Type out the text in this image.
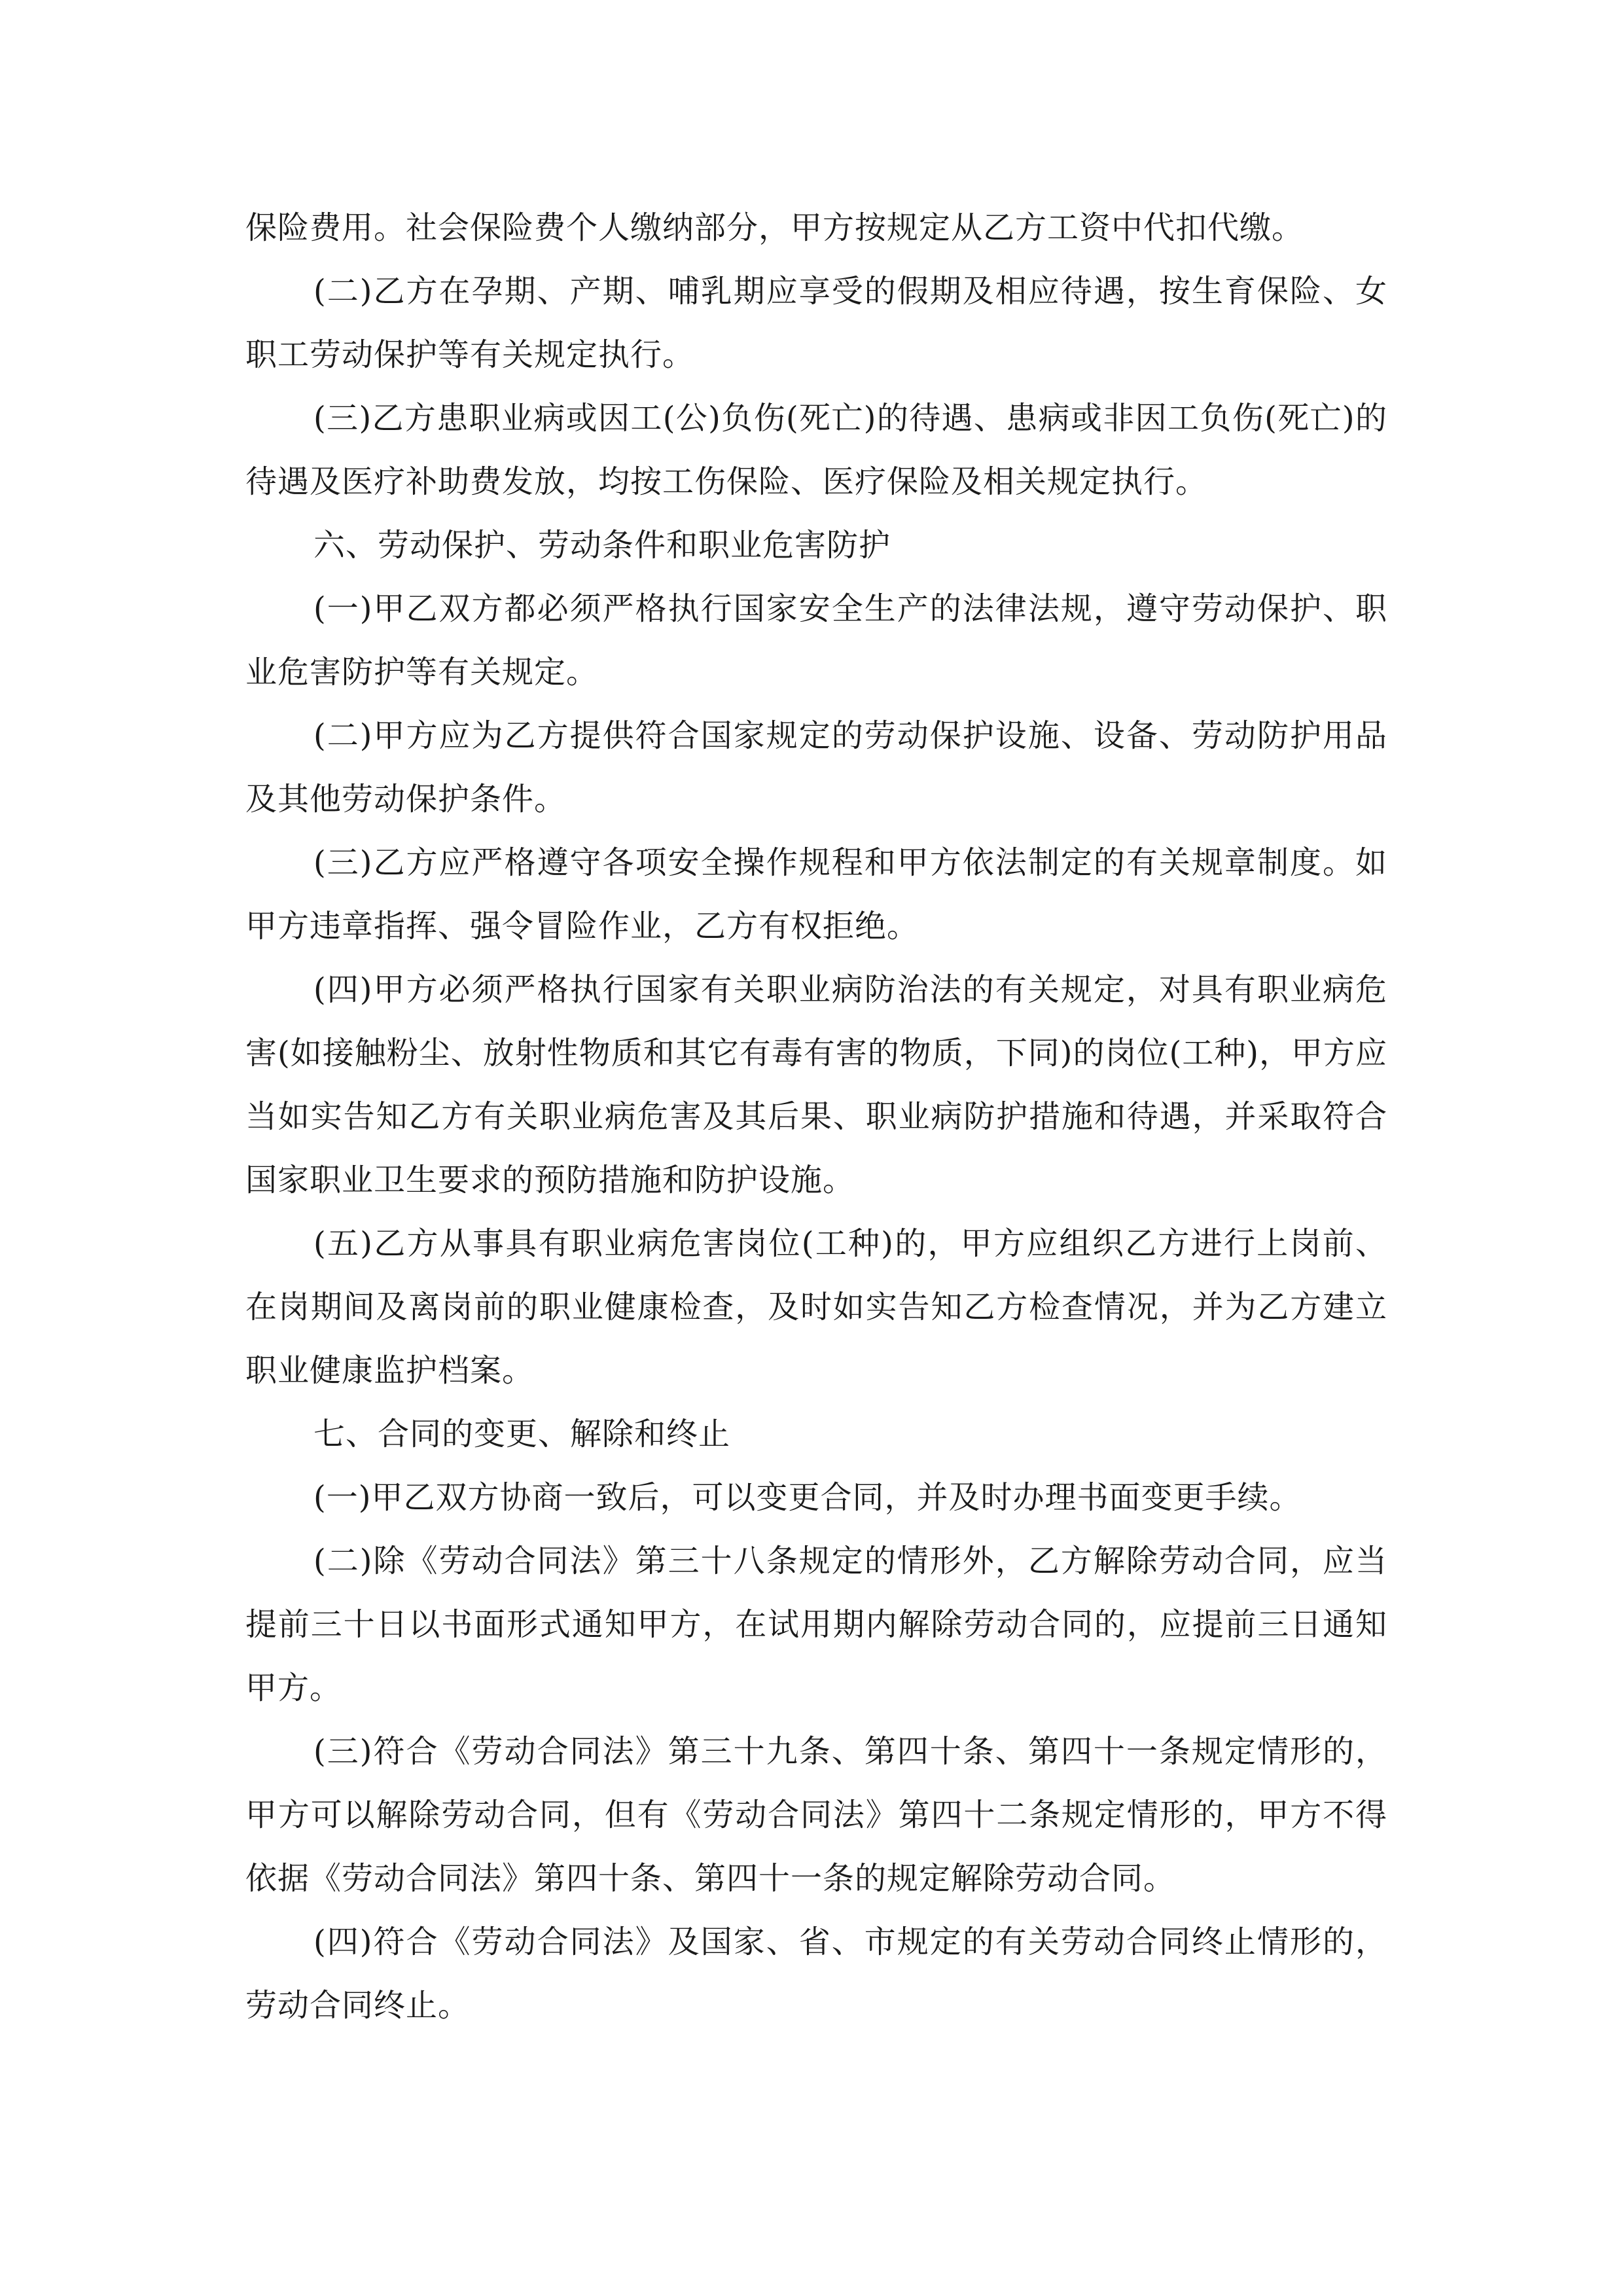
保险费用。社会保险费个人缴纳部分，甲方按规定从乙方工资中代扣代缴。

(二)乙方在孕期、产期、哺乳期应享受的假期及相应待遇，按生育保险、女职工劳动保护等有关规定执行。

(三)乙方患职业病或因工(公)负伤(死亡)的待遇、患病或非因工负伤(死亡)的待遇及医疗补助费发放，均按工伤保险、医疗保险及相关规定执行。

六、劳动保护、劳动条件和职业危害防护

(一)甲乙双方都必须严格执行国家安全生产的法律法规，遵守劳动保护、职业危害防护等有关规定。

(二)甲方应为乙方提供符合国家规定的劳动保护设施、设备、劳动防护用品及其他劳动保护条件。

(三)乙方应严格遵守各项安全操作规程和甲方依法制定的有关规章制度。如甲方违章指挥、强令冒险作业，乙方有权拒绝。

(四)甲方必须严格执行国家有关职业病防治法的有关规定，对具有职业病危害(如接触粉尘、放射性物质和其它有毒有害的物质，下同)的岗位(工种)，甲方应当如实告知乙方有关职业病危害及其后果、职业病防护措施和待遇，并采取符合国家职业卫生要求的预防措施和防护设施。

(五)乙方从事具有职业病危害岗位(工种)的，甲方应组织乙方进行上岗前、在岗期间及离岗前的职业健康检查，及时如实告知乙方检查情况，并为乙方建立职业健康监护档案。

七、合同的变更、解除和终止

(一)甲乙双方协商一致后，可以变更合同，并及时办理书面变更手续。

(二)除《劳动合同法》第三十八条规定的情形外，乙方解除劳动合同，应当提前三十日以书面形式通知甲方，在试用期内解除劳动合同的，应提前三日通知甲方。

(三)符合《劳动合同法》第三十九条、第四十条、第四十一条规定情形的，甲方可以解除劳动合同，但有《劳动合同法》第四十二条规定情形的，甲方不得依据《劳动合同法》第四十条、第四十一条的规定解除劳动合同。

(四)符合《劳动合同法》及国家、省、市规定的有关劳动合同终止情形的，劳动合同终止。
